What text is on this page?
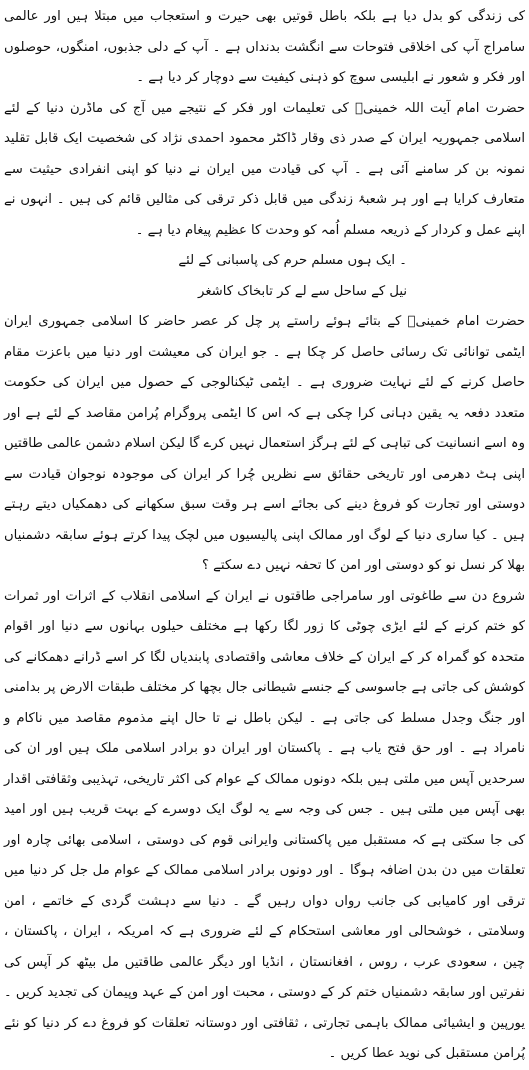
کی زندگی کو بدل دیا ہے بلکہ باطل قوتیں بھی حیرت و استعجاب میں مبتلا ہیں اور عالمی سامراج آپ کی اخلاقی فتوحات سے انگشت بدنداں ہے ۔ آپ کے دلی جذبوں، امنگوں، حوصلوں اور فکر و شعور نے ابلیسی سوچ کو ذہنی کیفیت سے دوچار کر دیا ہے ۔

حضرت امام آیت اللہ خمینیؒ کی تعلیمات اور فکر کے نتیجے میں آج کی ماڈرن دنیا کے لئے اسلامی جمہوریہ ایران کے صدر ذی وقار ڈاکٹر محمود احمدی نژاد کی شخصیت ایک قابل تقلید نمونہ بن کر سامنے آئی ہے ۔ آپ کی قیادت میں ایران نے دنیا کو اپنی انفرادی حیثیت سے متعارف کرایا ہے اور ہر شعبۂ زندگی میں قابل ذکر ترقی کی مثالیں قائم کی ہیں ۔ انہوں نے اپنے عمل و کردار کے ذریعہ مسلم اُمہ کو وحدت کا عظیم پیغام دیا ہے ۔

۔ ایک ہوں مسلم حرم کی پاسبانی کے لئے

نیل کے ساحل سے لے کر تابخاک کاشغر

حضرت امام خمینیؒ کے بتائے ہوئے راستے پر چل کر عصر حاضر کا اسلامی جمہوری ایران ایٹمی توانائی تک رسائی حاصل کر چکا ہے ۔ جو ایران کی معیشت اور دنیا میں باعزت مقام حاصل کرنے کے لئے نہایت ضروری ہے ۔ ایٹمی ٹیکنالوجی کے حصول میں ایران کی حکومت متعدد دفعہ یہ یقین دہانی کرا چکی ہے کہ اس کا ایٹمی پروگرام پُرامن مقاصد کے لئے ہے اور وہ اسے انسانیت کی تباہی کے لئے ہرگز استعمال نہیں کرے گا لیکن اسلام دشمن عالمی طاقتیں اپنی ہٹ دھرمی اور تاریخی حقائق سے نظریں چُرا کر ایران کی موجودہ نوجوان قیادت سے دوستی اور تجارت کو فروغ دینے کی بجائے اسے ہر وقت سبق سکھانے کی دھمکیاں دیتے رہتے ہیں ۔ کیا ساری دنیا کے لوگ اور ممالک اپنی پالیسیوں میں لچک پیدا کرتے ہوئے سابقہ دشمنیاں بھلا کر نسل نو کو دوستی اور امن کا تحفہ نہیں دے سکتے ؟

شروع دن سے طاغوتی اور سامراجی طاقتوں نے ایران کے اسلامی انقلاب کے اثرات اور ثمرات کو ختم کرنے کے لئے ایڑی چوٹی کا زور لگا رکھا ہے مختلف حیلوں بہانوں سے دنیا اور اقوام متحدہ کو گمراہ کر کے ایران کے خلاف معاشی واقتصادی پابندیاں لگا کر اسے ڈرانے دھمکانے کی کوشش کی جاتی ہے جاسوسی کے جنسے شیطانی جال بچھا کر مختلف طبقات الارض پر بدامنی اور جنگ وجدل مسلط کی جاتی ہے ۔ لیکن باطل نے تا حال اپنے مذموم مقاصد میں ناکام و نامراد ہے ۔ اور حق فتح یاب ہے ۔ پاکستان اور ایران دو برادر اسلامی ملک ہیں اور ان کی سرحدیں آپس میں ملتی ہیں بلکہ دونوں ممالک کے عوام کی اکثر تاریخی، تہذیبی وثقافتی اقدار بھی آپس میں ملتی ہیں ۔ جس کی وجہ سے یہ لوگ ایک دوسرے کے بہت قریب ہیں اور امید کی جا سکتی ہے کہ مستقبل میں پاکستانی وایرانی قوم کی دوستی ، اسلامی بھائی چارہ اور تعلقات میں دن بدن اضافہ ہوگا ۔ اور دونوں برادر اسلامی ممالک کے عوام مل جل کر دنیا میں ترقی اور کامیابی کی جانب رواں دواں رہیں گے ۔ دنیا سے دہشت گردی کے خاتمے ، امن وسلامتی ، خوشحالی اور معاشی استحکام کے لئے ضروری ہے کہ امریکہ ، ایران ، پاکستان ، چین ، سعودی عرب ، روس ، افغانستان ، انڈیا اور دیگر عالمی طاقتیں مل بیٹھ کر آپس کی نفرتیں اور سابقہ دشمنیاں ختم کر کے دوستی ، محبت اور امن کے عہد وپیمان کی تجدید کریں ۔ یورپین و ایشیائی ممالک باہمی تجارتی ، ثقافتی اور دوستانہ تعلقات کو فروغ دے کر دنیا کو نئے پُرامن مستقبل کی نوید عطا کریں ۔
